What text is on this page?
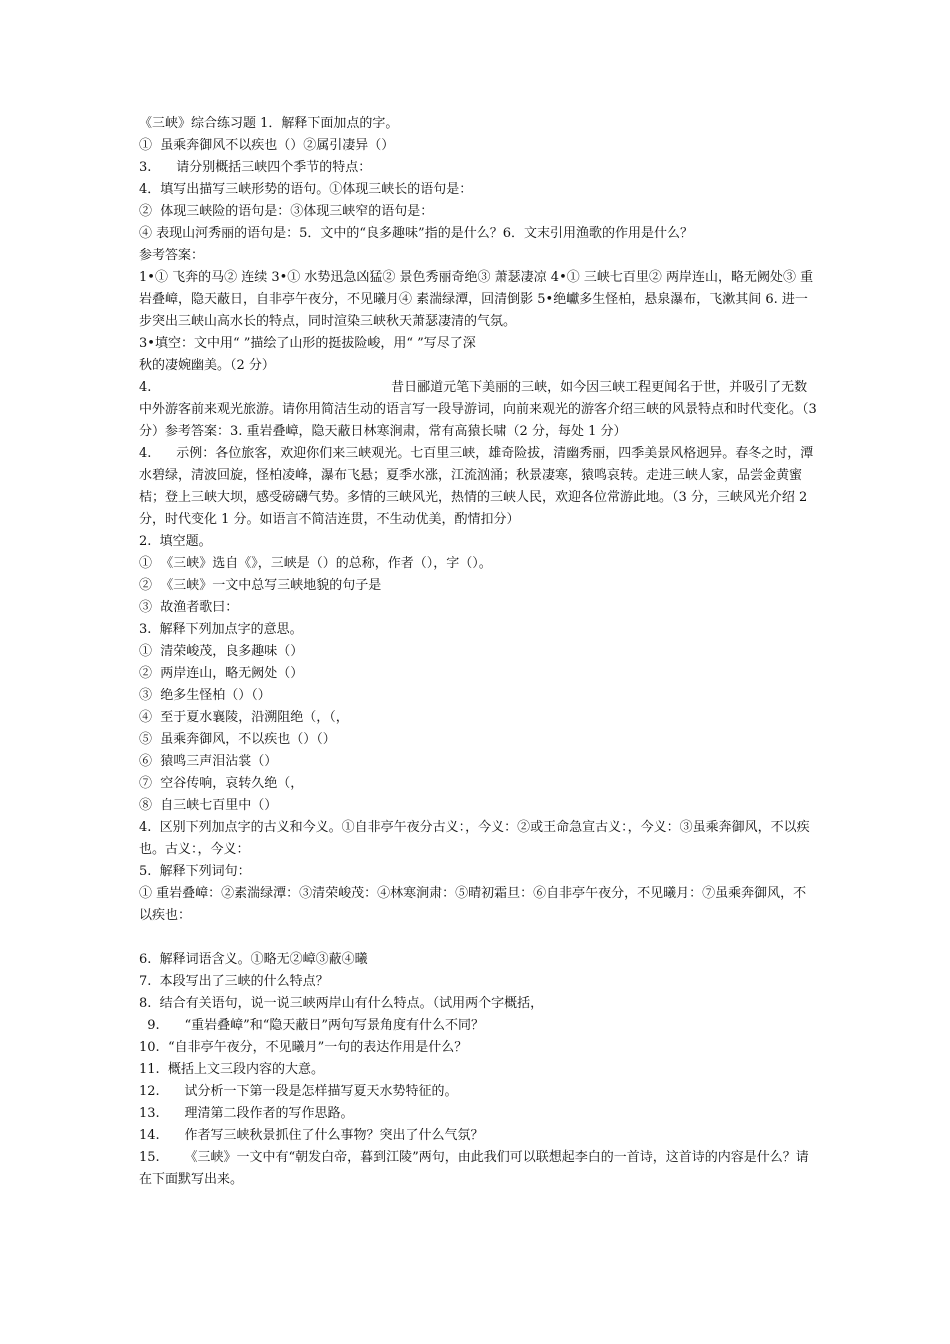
《三峡》综合练习题 1．解释下面加点的字。
①  虽乘奔御风不以疾也（）②属引凄异（）
3.      请分别概括三峡四个季节的特点：
4．填写出描写三峡形势的语句。①体现三峡长的语句是：
②  体现三峡险的语句是：③体现三峡窄的语句是：
④ 表现山河秀丽的语句是：5．文中的“良多趣味”指的是什么？6．文末引用渔歌的作用是什么？
参考答案：
1•① 飞奔的马② 连续 3•① 水势迅急凶猛② 景色秀丽奇绝③ 萧瑟凄凉 4•① 三峡七百里② 两岸连山，略无阙处③ 重岩叠嶂，隐天蔽日，自非亭午夜分，不见曦月④ 素湍绿潭，回清倒影 5•绝巘多生怪柏，悬泉瀑布，飞漱其间 6. 进一步突出三峡山高水长的特点，同时渲染三峡秋天萧瑟凄清的气氛。
3•填空：文中用“ ”描绘了山形的挺拔险峻，用“ ”写尽了深
秋的凄婉幽美。（2 分）
4.                                                          昔日郦道元笔下美丽的三峡，如今因三峡工程更闻名于世，并吸引了无数中外游客前来观光旅游。请你用简洁生动的语言写一段导游词，向前来观光的游客介绍三峡的风景特点和时代变化。（3 分）参考答案：3. 重岩叠嶂，隐天蔽日林寒涧肃，常有高猿长啸（2 分，每处 1 分）
4.      示例：各位旅客，欢迎你们来三峡观光。七百里三峡，雄奇险拔，清幽秀丽，四季美景风格迥异。春冬之时，潭水碧绿，清波回旋，怪柏凌峰，瀑布飞悬；夏季水涨，江流汹涌；秋景凄寒，猿鸣哀转。走进三峡人家，品尝金黄蜜桔；登上三峡大坝，感受磅礴气势。多情的三峡风光，热情的三峡人民，欢迎各位常游此地。（3 分，三峡风光介绍 2 分，时代变化 1 分。如语言不简洁连贯，不生动优美，酌情扣分）
2.  填空题。
①  《三峡》选自《》，三峡是（）的总称，作者（），字（）。
②  《三峡》一文中总写三峡地貌的句子是
③  故渔者歌曰：
3.  解释下列加点字的意思。
①  清荣峻茂，良多趣味（）
②  两岸连山，略无阙处（）
③  绝多生怪柏（）（）
④  至于夏水襄陵，沿溯阻绝（，（，
⑤  虽乘奔御风，不以疾也（）（）
⑥  猿鸣三声泪沾裳（）
⑦  空谷传响，哀转久绝（，
⑧  自三峡七百里中（）
4.  区别下列加点字的古义和今义。①自非亭午夜分古义：，今义：②或王命急宣古义：，今义：③虽乘奔御风，不以疾也。古义：，今义：
5.  解释下列词句：
① 重岩叠嶂：②素湍绿潭：③清荣峻茂：④林寒涧肃：⑤晴初霜旦：⑥自非亭午夜分，不见曦月：⑦虽乘奔御风，不以疾也：
6.  解释词语含义。①略无②嶂③蔽④曦
7.  本段写出了三峡的什么特点？
8.  结合有关语句，说一说三峡两岸山有什么特点。（试用两个字概括，
9.      “重岩叠嶂”和“隐天蔽日”两句写景角度有什么不同？
10.  “自非亭午夜分，不见曦月”一句的表达作用是什么？
11.  概括上文三段内容的大意。
12.      试分析一下第一段是怎样描写夏天水势特征的。
13.      理清第二段作者的写作思路。
14.      作者写三峡秋景抓住了什么事物？突出了什么气氛？
15.      《三峡》一文中有“朝发白帝，暮到江陵”两句，由此我们可以联想起李白的一首诗，这首诗的内容是什么？请在下面默写出来。
